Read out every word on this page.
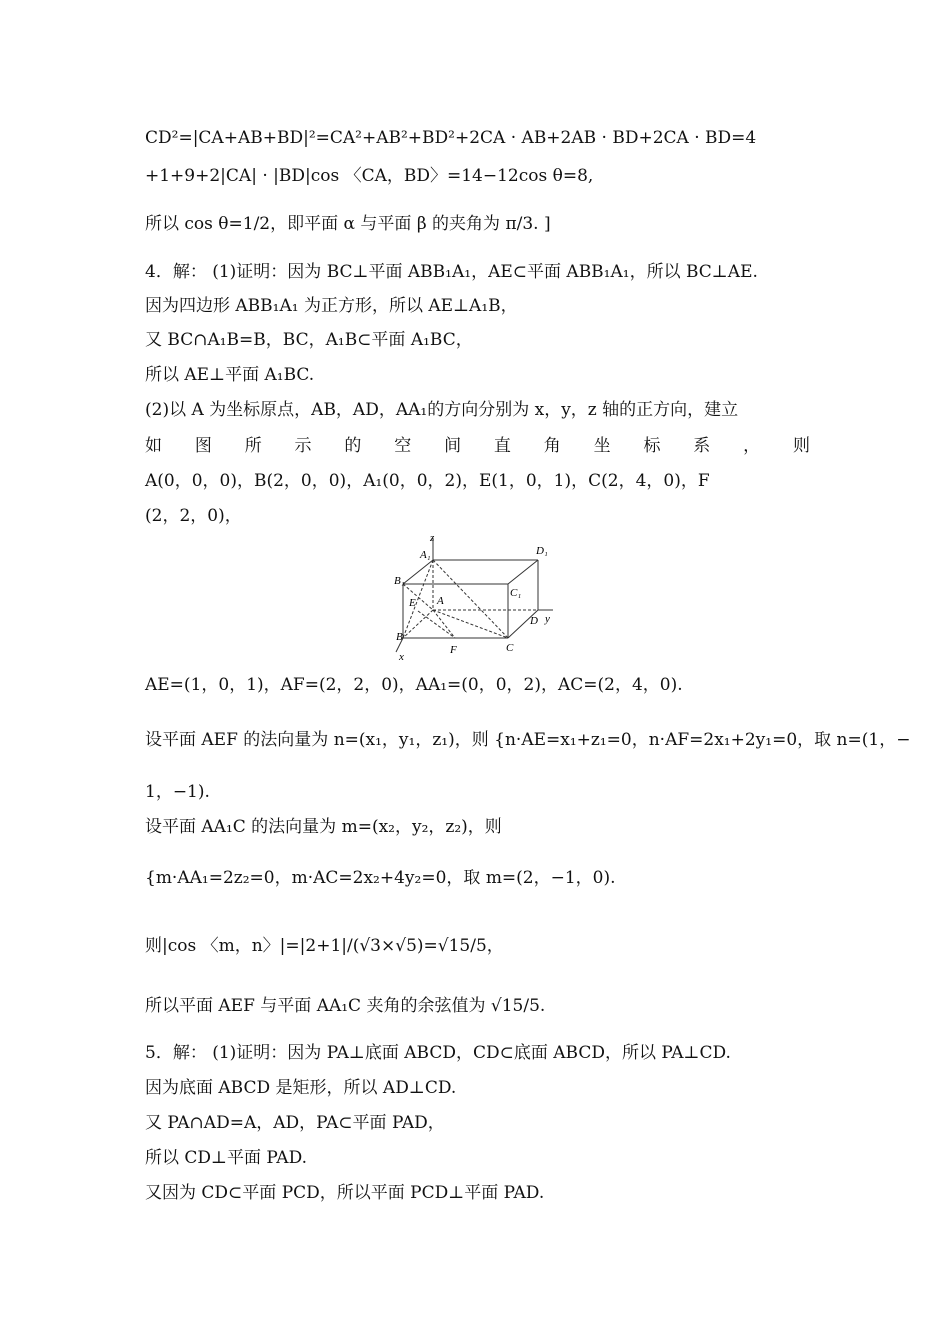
CD²=|CA+AB+BD|²=CA²+AB²+BD²+2CA · AB+2AB · BD+2CA · BD=4
+1+9+2|CA| · |BD|cos 〈CA，BD〉=14−12cos θ=8,
所以 cos θ=1/2，即平面 α 与平面 β 的夹角为 π/3. ]
4．解： (1)证明：因为 BC⊥平面 ABB₁A₁，AE⊂平面 ABB₁A₁，所以 BC⊥AE.
因为四边形 ABB₁A₁ 为正方形，所以 AE⊥A₁B，
又 BC∩A₁B=B，BC，A₁B⊂平面 A₁BC，
所以 AE⊥平面 A₁BC.
(2)以 A 为坐标原点，AB，AD，AA₁的方向分别为 x，y，z 轴的正方向，建立
如 图 所 示 的 空 间 直 角 坐 标 系 ， 则
A(0，0，0)，B(2，0，0)，A₁(0，0，2)，E(1，0，1)，C(2，4，0)，F
(2，2，0)，
z
A₁	D₁
B₁
C₁
E A
D y
B
F	C
x
AE=(1，0，1)，AF=(2，2，0)，AA₁=(0，0，2)，AC=(2，4，0).
设平面 AEF 的法向量为 n=(x₁，y₁，z₁)，则 {n·AE=x₁+z₁=0，n·AF=2x₁+2y₁=0，取 n=(1，−
1，−1).
设平面 AA₁C 的法向量为 m=(x₂，y₂，z₂)，则
{m·AA₁=2z₂=0，m·AC=2x₂+4y₂=0，取 m=(2，−1，0).
则|cos 〈m，n〉|=|2+1|/(√3×√5)=√15/5，
所以平面 AEF 与平面 AA₁C 夹角的余弦值为 √15/5.
5．解： (1)证明：因为 PA⊥底面 ABCD，CD⊂底面 ABCD，所以 PA⊥CD.
因为底面 ABCD 是矩形，所以 AD⊥CD.
又 PA∩AD=A，AD，PA⊂平面 PAD，
所以 CD⊥平面 PAD.
又因为 CD⊂平面 PCD，所以平面 PCD⊥平面 PAD.
